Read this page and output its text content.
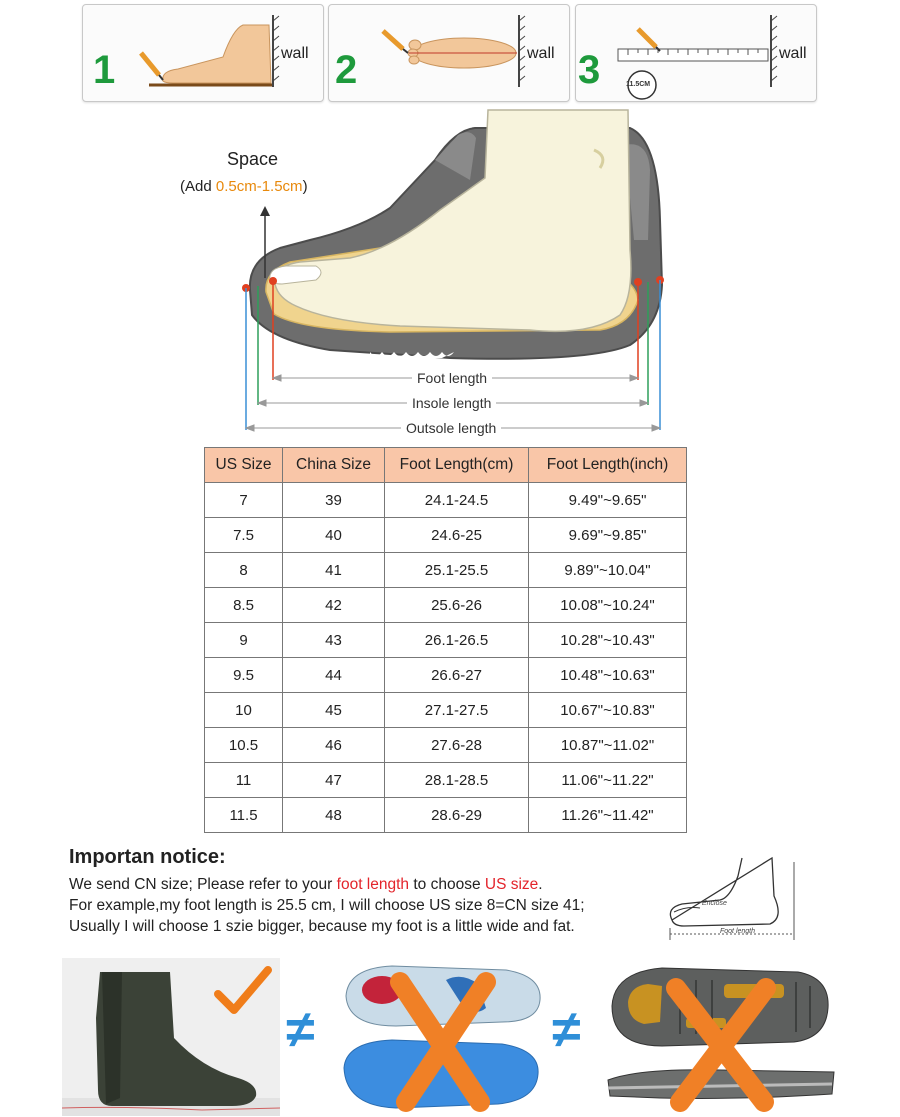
1	wall 2	wall 3	11.5CM
wall
Space
(Add 0.5cm-1.5cm)
Foot length
Insole length
Outsole length
US Size	China Size	Foot Length(cm)	Foot Length(inch)
7	39	24.1-24.5	9.49"~9.65"
7.5	40	24.6-25	9.69"~9.85"
8	41	25.1-25.5	9.89"~10.04"
8.5	42	25.6-26	10.08"~10.24"
9	43	26.1-26.5	10.28"~10.43"
9.5	44	26.6-27	10.48"~10.63"
10	45	27.1-27.5	10.67"~10.83"
10.5	46	27.6-28	10.87"~11.02"
11	47	28.1-28.5	11.06"~11.22"
11.5	48	28.6-29	11.26"~11.42"
Importan notice:
We send CN size; Please refer to your foot length to choose US size.
For example,my foot length is 25.5 cm, I will choose US size 8=CN size 41;
Usually I will choose 1 szie bigger, because my foot is a little wide and fat.
Enclose
Foot length
≠	≠
